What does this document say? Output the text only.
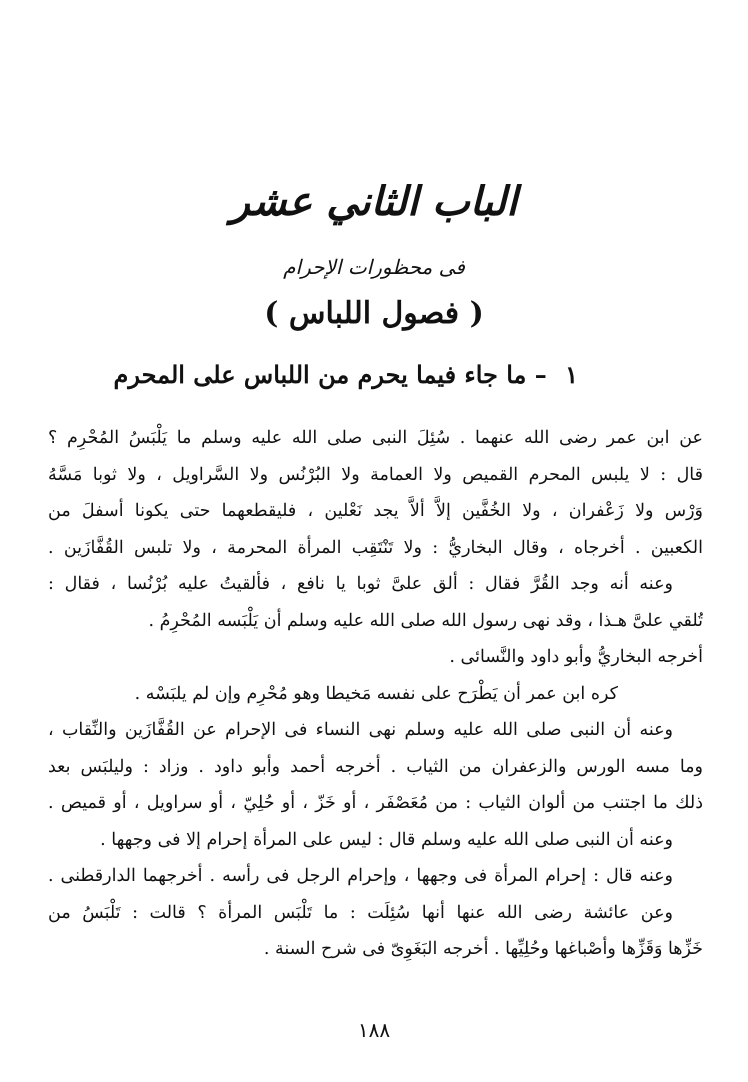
الباب الثاني عشر
فى محظورات الإحرام
( فصول اللباس )
١ – ما جاء فيما يحرم من اللباس على المحرم
عن ابن عمر رضى الله عنهما . سُئِلَ النبى صلى الله عليه وسلم ما يَلْبَسُ المُحْرِم ؟
قال : لا يلبس المحرم القميص ولا العمامة ولا البُرْنُس ولا السَّراويل ، ولا ثوبا مَسَّهُ
وَرْس ولا زَعْفران ، ولا الخُفَّين إلاَّ ألاَّ يجد نَعْلين ، فليقطعهما حتى يكونا أسفلَ من
الكعبين . أخرجاه ، وقال البخاريُّ : ولا تَنْتَقِب المرأة المحرمة ، ولا تلبس القُفَّازَين .
وعنه أنه وجد القُرَّ فقال : ألق علىَّ ثوبا يا نافع ، فألقيتُ عليه بُرْنُسا ، فقال :
تُلقي علىَّ هـذا ، وقد نهى رسول الله صلى الله عليه وسلم أن يَلْبَسه المُحْرِمُ .
أخرجه البخاريُّ وأبو داود والنَّسائى .
كره ابن عمر أن يَطْرَح على نفسه مَخيطا وهو مُحْرِم وإن لم يلبَسْه .
وعنه أن النبى صلى الله عليه وسلم نهى النساء فى الإحرام عن القُفَّازَين والنِّقاب ،
وما مسه الورس والزعفران من الثياب . أخرجه أحمد وأبو داود . وزاد : وليلبَس بعد
ذلك ما اجتنب من ألوان الثياب : من مُعَصْفَر ، أو خَزّ ، أو حُلِيّ ، أو سراويل ، أو قميص .
وعنه أن النبى صلى الله عليه وسلم قال : ليس على المرأة إحرام إلا فى وجهها .
وعنه قال : إحرام المرأة فى وجهها ، وإحرام الرجل فى رأسه . أخرجهما الدارقطنى .
وعن عائشة رضى الله عنها أنها سُئِلَت : ما تَلْبَس المرأة ؟ قالت : تَلْبَسُ من
خَزِّها وَقَزِّها وأصْباغها وحُلِيِّها . أخرجه البَغَوِىّ فى شرح السنة .
١٨٨
